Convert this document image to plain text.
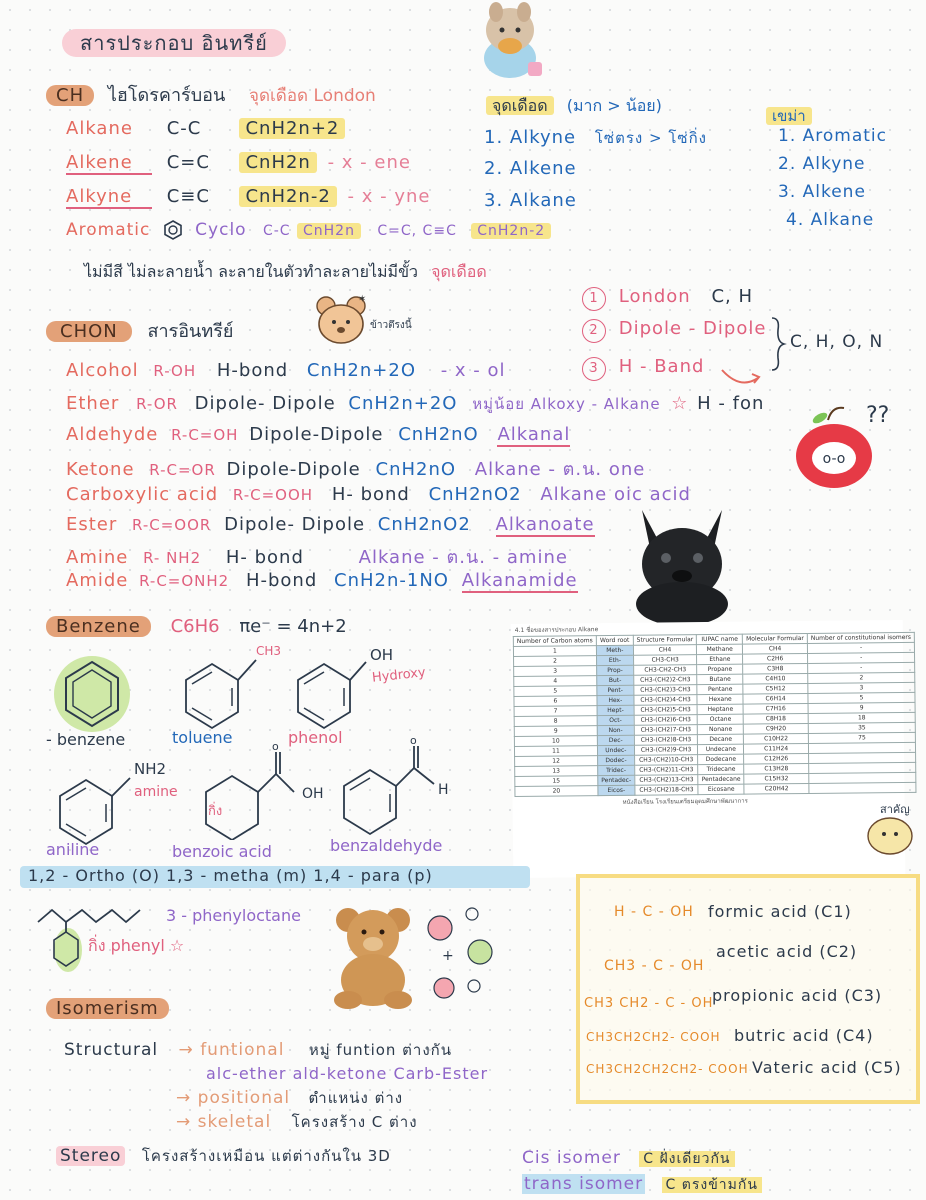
สารประกอบ อินทรีย์
CH ไฮโดรคาร์บอน จุดเดือด London
Alkane C-C CnH2n+2
Alkene C=C CnH2n - x - ene
Alkyne C≡C CnH2n-2 - x - yne
Aromatic	Cyclo C-C CnH2n C=C, C≡C CnH2n-2
ไม่มีสี ไม่ละลายน้ำ ละลายในตัวทำละลายไม่มีขั้ว จุดเดือด
จุดเดือด (มาก > น้อย)
1. Alkyne โซ่ตรง > โซ่กิ่ง
2. Alkene
3. Alkane
เขม่า
1. Aromatic
2. Alkyne
3. Alkene
4. Alkane
1 London C, H
2 Dipole - Dipole
3 H - Band
C, H, O, N
CHON สารอินทรีย์
✶
ข้าวตึรงนี้
Alcohol R-OH H-bond CnH2n+2O - x - ol
Ether R-OR Dipole- Dipole CnH2n+2O หมู่น้อย Alkoxy - Alkane ☆ H - fon
Aldehyde R-C=OH Dipole-Dipole CnH2nO Alkanal
Ketone R-C=OR Dipole-Dipole CnH2nO Alkane - ต.น. one
Carboxylic acid R-C=OOH H- bond CnH2nO2 Alkane oic acid
Ester R-C=OOR Dipole- Dipole CnH2nO2 Alkanoate
Amine R- NH2 H- bond	Alkane - ต.น. - amine
Amide R-C=ONH2 H-bond CnH2n-1NO Alkanamide
??
o-o
Benzene C6H6 πe⁻ = 4n+2
- benzene
CH3
toluene
OH
Hydroxy
phenol
NH2
amine
aniline
o
กิ่ง
OH
benzoic acid
o
H
benzaldehyde
4.1 ชื่อของสารประกอบ Alkane
Number of Carbon atoms	Word root	Structure Formular	IUPAC name	Molecular Formular	Number of constitutional isomers
1	Meth-	CH4	Methane	CH4	-
2	Eth-	CH3-CH3	Ethane	C2H6	-
3	Prop-	CH3-CH2-CH3	Propane	C3H8	-
4	But-	CH3-(CH2)2-CH3	Butane	C4H10	2
5	Pent-	CH3-(CH2)3-CH3	Pentane	C5H12	3
6	Hex-	CH3-(CH2)4-CH3	Hexane	C6H14	5
7	Hept-	CH3-(CH2)5-CH3	Heptane	C7H16	9
8	Oct-	CH3-(CH2)6-CH3	Octane	C8H18	18
9	Non-	CH3-(CH2)7-CH3	Nonane	C9H20	35
10	Dec-	CH3-(CH2)8-CH3	Decane	C10H22	75
11	Undec-	CH3-(CH2)9-CH3	Undecane	C11H24	
12	Dodec-	CH3-(CH2)10-CH3	Dodecane	C12H26	
13	Tridec-	CH3-(CH2)11-CH3	Tridecane	C13H28	
15	Pentadec-	CH3-(CH2)13-CH3	Pentadecane	C15H32	
20	Eicos-	CH3-(CH2)18-CH3	Eicosane	C20H42	
หนังสือเรียน โรงเรียนเตรียมอุดมศึกษาพัฒนาการ
สาคัญ
1,2 - Ortho (O) 1,3 - metha (m) 1,4 - para (p)
3 - phenyloctane
กิ่ง phenyl ☆
+
H - C - OH formic acid (C1)
CH3 - C - OH
acetic acid (C2)
CH3 CH2 - C - OH
propionic acid (C3)
CH3CH2CH2- COOH butric acid (C4)
CH3CH2CH2CH2- COOH Vateric acid (C5)
Isomerism
Structural → funtional หมู่ funtion ต่างกัน
alc-ether ald-ketone Carb-Ester
→ positional ตำแหน่ง ต่าง
→ skeletal โครงสร้าง C ต่าง
Stereo โครงสร้างเหมือน แต่ต่างกันใน 3D	Cis isomer C ฝั่งเดียวกัน
trans isomer C ตรงข้ามกัน
